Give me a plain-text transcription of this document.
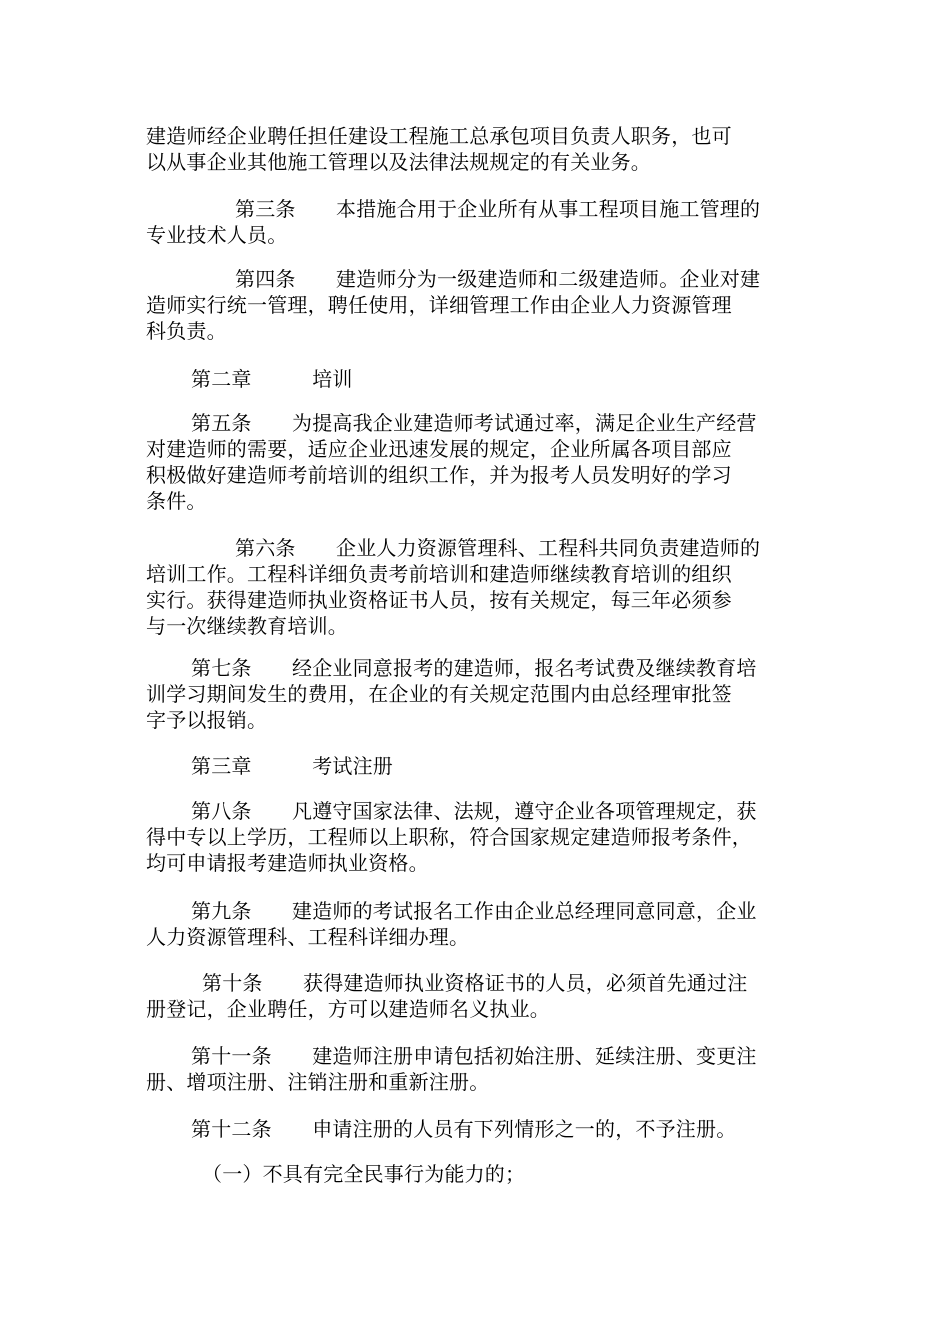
建造师经企业聘任担任建设工程施工总承包项目负责人职务，也可
以从事企业其他施工管理以及法律法规规定的有关业务。
第三条　　本措施合用于企业所有从事工程项目施工管理的
专业技术人员。
第四条　　建造师分为一级建造师和二级建造师。企业对建
造师实行统一管理，聘任使用，详细管理工作由企业人力资源管理
科负责。
第二章　　　培训
第五条　　为提高我企业建造师考试通过率，满足企业生产经营
对建造师的需要，适应企业迅速发展的规定，企业所属各项目部应
积极做好建造师考前培训的组织工作，并为报考人员发明好的学习
条件。
第六条　　企业人力资源管理科、工程科共同负责建造师的
培训工作。工程科详细负责考前培训和建造师继续教育培训的组织
实行。获得建造师执业资格证书人员，按有关规定，每三年必须参
与一次继续教育培训。
第七条　　经企业同意报考的建造师，报名考试费及继续教育培
训学习期间发生的费用，在企业的有关规定范围内由总经理审批签
字予以报销。
第三章　　　考试注册
第八条　　凡遵守国家法律、法规，遵守企业各项管理规定，获
得中专以上学历，工程师以上职称，符合国家规定建造师报考条件，
均可申请报考建造师执业资格。
第九条　　建造师的考试报名工作由企业总经理同意同意，企业
人力资源管理科、工程科详细办理。
第十条　　获得建造师执业资格证书的人员，必须首先通过注
册登记，企业聘任，方可以建造师名义执业。
第十一条　　建造师注册申请包括初始注册、延续注册、变更注
册、增项注册、注销注册和重新注册。
第十二条　　申请注册的人员有下列情形之一的，不予注册。
（一）不具有完全民事行为能力的；
